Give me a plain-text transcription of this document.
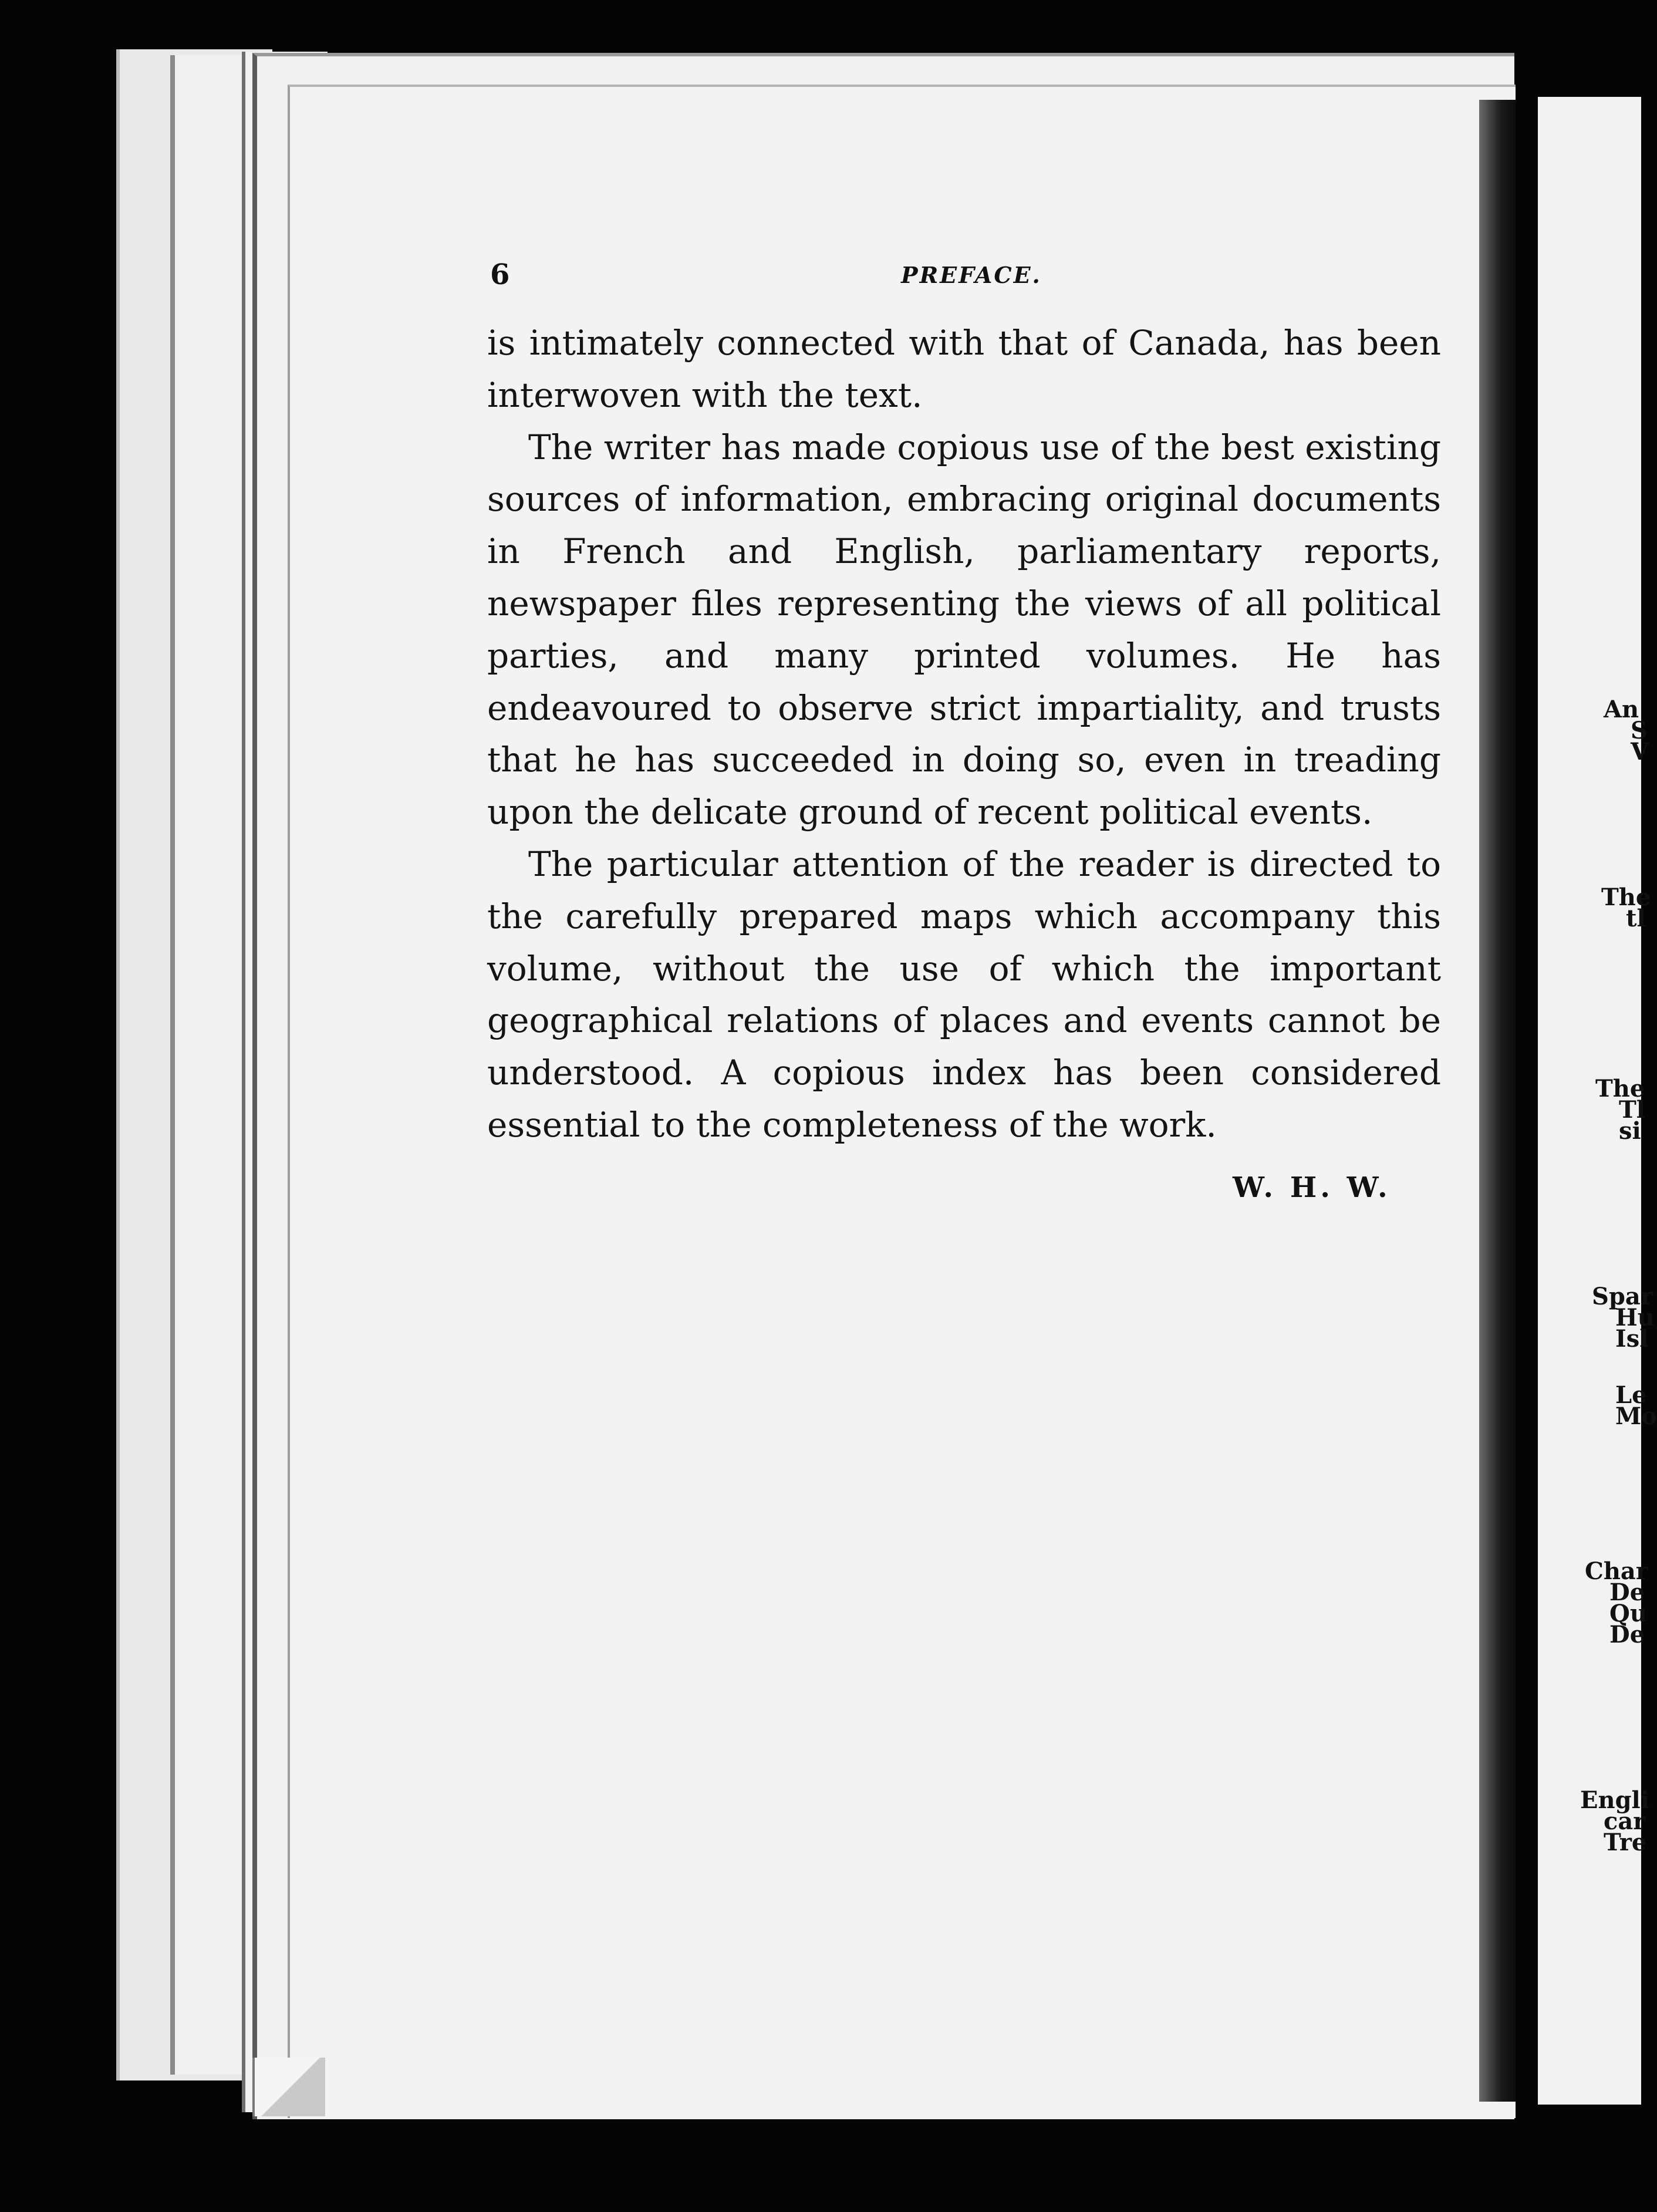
An
S
V
The
tl
The
Tl
si
Spar
Hu
Isl
Le
Mo
Char
De
Qu
De
Engli
car
Tre
6	PREFACE.

is intimately connected with that of Canada, has been interwoven with the text.

The writer has made copious use of the best existing sources of information, embracing original documents in French and English, parliamentary reports, newspaper files representing the views of all political parties, and many printed volumes. He has endeavoured to observe strict impartiality, and trusts that he has succeeded in doing so, even in treading upon the delicate ground of recent political events.

The particular attention of the reader is directed to the carefully prepared maps which accompany this volume, without the use of which the important geographical relations of places and events cannot be understood. A copious index has been considered essential to the completeness of the work.

W. H. W.
